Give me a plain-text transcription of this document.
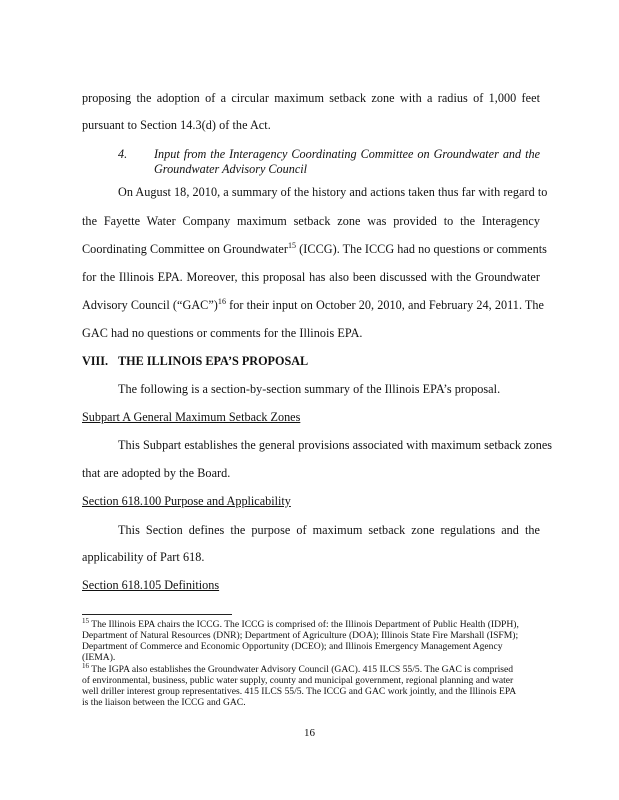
proposing the adoption of a circular maximum setback zone with a radius of 1,000 feet
pursuant to Section 14.3(d) of the Act.
4. Input from the Interagency Coordinating Committee on Groundwater and the
Groundwater Advisory Council
On August 18, 2010, a summary of the history and actions taken thus far with regard to
the Fayette Water Company maximum setback zone was provided to the Interagency
Coordinating Committee on Groundwater$^{15}$ (ICCG). The ICCG had no questions or comments
for the Illinois EPA. Moreover, this proposal has also been discussed with the Groundwater
Advisory Council (“GAC”)$^{16}$ for their input on October 20, 2010, and February 24, 2011. The
GAC had no questions or comments for the Illinois EPA.
VIII. THE ILLINOIS EPA’S PROPOSAL
The following is a section-by-section summary of the Illinois EPA’s proposal.
Subpart A General Maximum Setback Zones
This Subpart establishes the general provisions associated with maximum setback zones
that are adopted by the Board.
Section 618.100 Purpose and Applicability
This Section defines the purpose of maximum setback zone regulations and the
applicability of Part 618.
Section 618.105 Definitions
$^{15}$ The Illinois EPA chairs the ICCG. The ICCG is comprised of: the Illinois Department of Public Health (IDPH),
Department of Natural Resources (DNR); Department of Agriculture (DOA); Illinois State Fire Marshall (ISFM);
Department of Commerce and Economic Opportunity (DCEO); and Illinois Emergency Management Agency
(IEMA).
$^{16}$ The IGPA also establishes the Groundwater Advisory Council (GAC). 415 ILCS 55/5. The GAC is comprised
of environmental, business, public water supply, county and municipal government, regional planning and water
well driller interest group representatives. 415 ILCS 55/5. The ICCG and GAC work jointly, and the Illinois EPA
is the liaison between the ICCG and GAC.
16
